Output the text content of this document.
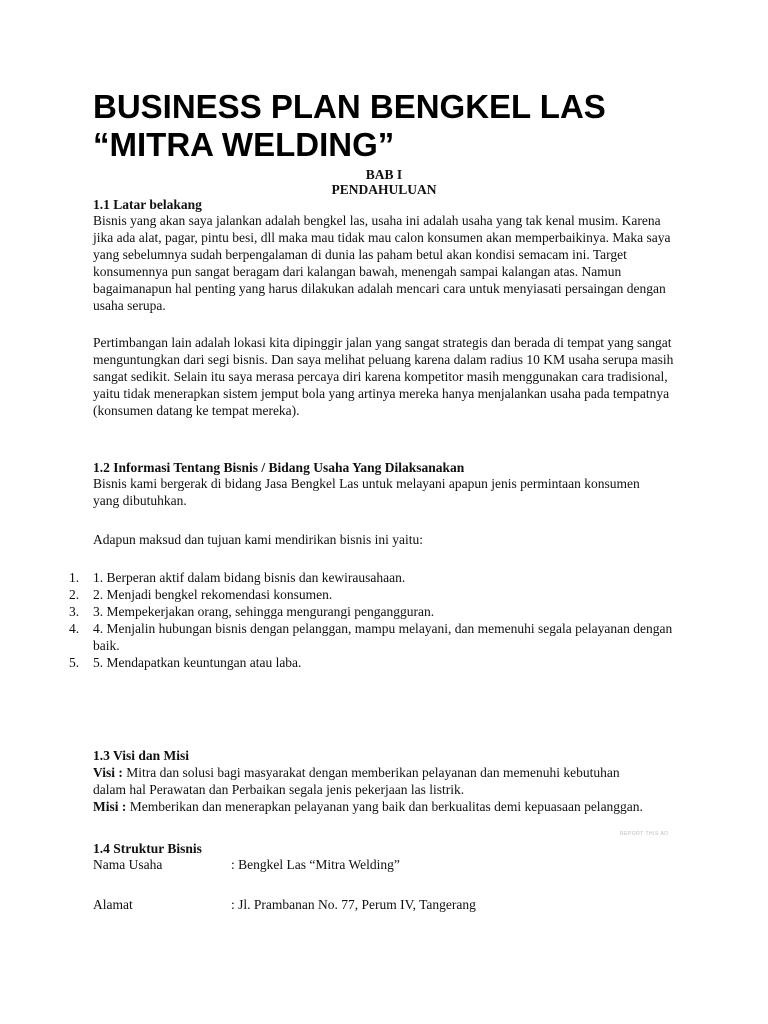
BUSINESS PLAN BENGKEL LAS
“MITRA WELDING”

BAB I

PENDAHULUAN

1.1 Latar belakang

Bisnis yang akan saya jalankan adalah bengkel las, usaha ini adalah usaha yang tak kenal musim. Karena jika ada alat, pagar, pintu besi, dll maka mau tidak mau calon konsumen akan memperbaikinya. Maka saya yang sebelumnya sudah berpengalaman di dunia las paham betul akan kondisi semacam ini. Target konsumennya pun sangat beragam dari kalangan bawah, menengah sampai kalangan atas. Namun bagaimanapun hal penting yang harus dilakukan adalah mencari cara untuk menyiasati persaingan dengan usaha serupa.

Pertimbangan lain adalah lokasi kita dipinggir jalan yang sangat strategis dan berada di tempat yang sangat menguntungkan dari segi bisnis. Dan saya melihat peluang karena dalam radius 10 KM usaha serupa masih sangat sedikit. Selain itu saya merasa percaya diri karena kompetitor masih menggunakan cara tradisional, yaitu tidak menerapkan sistem jemput bola yang artinya mereka hanya menjalankan usaha pada tempatnya (konsumen datang ke tempat mereka).

1.2 Informasi Tentang Bisnis / Bidang Usaha Yang Dilaksanakan

Bisnis kami bergerak di bidang Jasa Bengkel Las untuk melayani apapun jenis permintaan konsumen yang dibutuhkan.

Adapun maksud dan tujuan kami mendirikan bisnis ini yaitu:

1. 1. Berperan aktif dalam bidang bisnis dan kewirausahaan.
2. 2. Menjadi bengkel rekomendasi konsumen.
3. 3. Mempekerjakan orang, sehingga mengurangi pengangguran.
4. 4. Menjalin hubungan bisnis dengan pelanggan, mampu melayani, dan memenuhi segala pelayanan dengan baik.
5. 5. Mendapatkan keuntungan atau laba.

1.3 Visi dan Misi

Visi : Mitra dan solusi bagi masyarakat dengan memberikan pelayanan dan memenuhi kebutuhan dalam hal Perawatan dan Perbaikan segala jenis pekerjaan las listrik.

Misi : Memberikan dan menerapkan pelayanan yang baik dan berkualitas demi kepuasaan pelanggan.

REPORT THIS AD

1.4 Struktur Bisnis

Nama Usaha	: Bengkel Las “Mitra Welding”
Alamat	: Jl. Prambanan No. 77, Perum IV, Tangerang
